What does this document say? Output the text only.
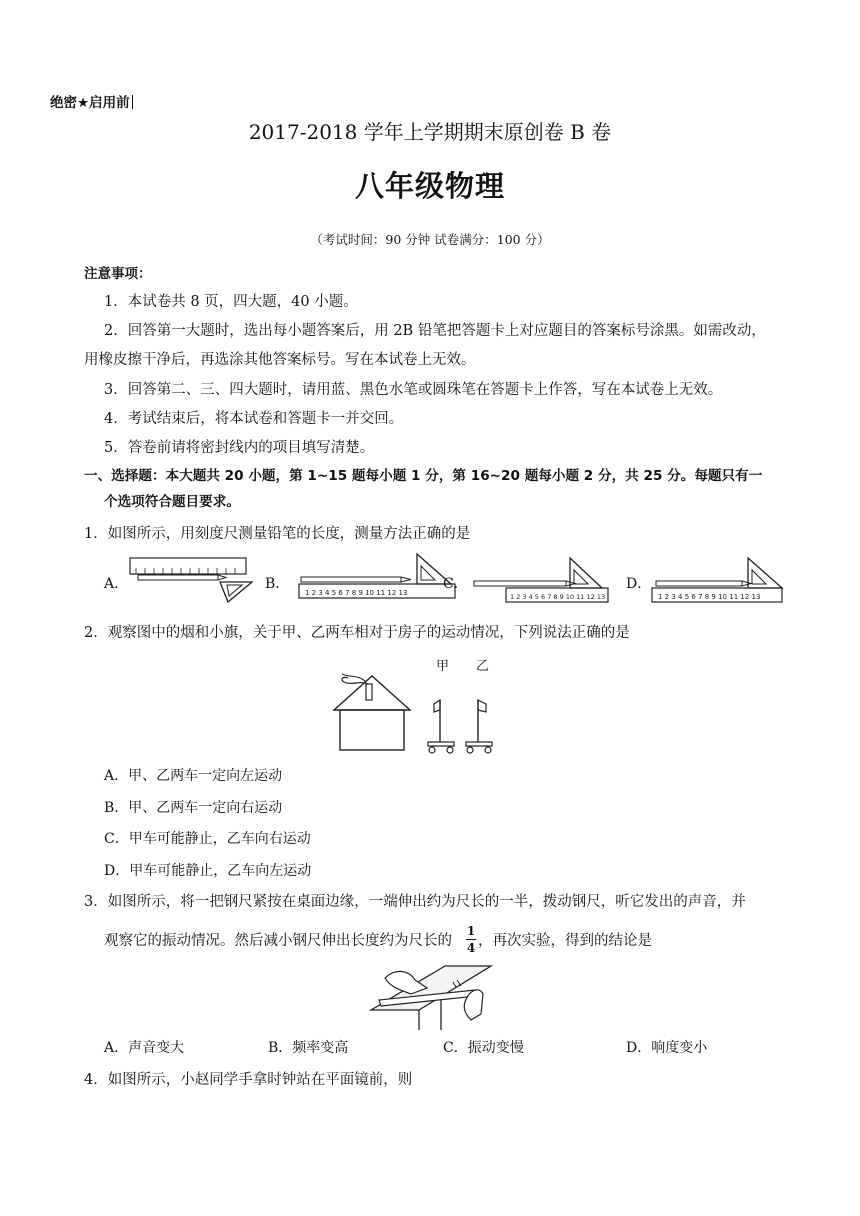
绝密★启用前
2017-2018 学年上学期期末原创卷 B 卷
八年级物理
（考试时间：90 分钟 试卷满分：100 分）
注意事项：
1．本试卷共 8 页，四大题，40 小题。
2．回答第一大题时，选出每小题答案后，用 2B 铅笔把答题卡上对应题目的答案标号涂黑。如需改动，
用橡皮擦干净后，再选涂其他答案标号。写在本试卷上无效。
3．回答第二、三、四大题时，请用蓝、黑色水笔或圆珠笔在答题卡上作答，写在本试卷上无效。
4．考试结束后，将本试卷和答题卡一并交回。
5．答卷前请将密封线内的项目填写清楚。
一、选择题：本大题共 20 小题，第 1~15 题每小题 1 分，第 16~20 题每小题 2 分，共 25 分。每题只有一
个选项符合题目要求。
1．如图所示，用刻度尺测量铅笔的长度，测量方法正确的是
A．	B．
1 2 3 4 5 6 7 8 9 10 11 12 13
C．
1 2 3 4 5 6 7 8 9 10 11 12 13
D．
1 2 3 4 5 6 7 8 9 10 11 12 13
2．观察图中的烟和小旗，关于甲、乙两车相对于房子的运动情况，下列说法正确的是
甲 乙
A．甲、乙两车一定向左运动
B．甲、乙两车一定向右运动
C．甲车可能静止，乙车向右运动
D．甲车可能静止，乙车向左运动
3．如图所示，将一把钢尺紧按在桌面边缘，一端伸出约为尺长的一半，拨动钢尺，听它发出的声音，并
观察它的振动情况。然后减小钢尺伸出长度约为尺长的
1
4 ，再次实验，得到的结论是
A．声音变大	B．频率变高	C．振动变慢	D．响度变小
4．如图所示，小赵同学手拿时钟站在平面镜前，则
